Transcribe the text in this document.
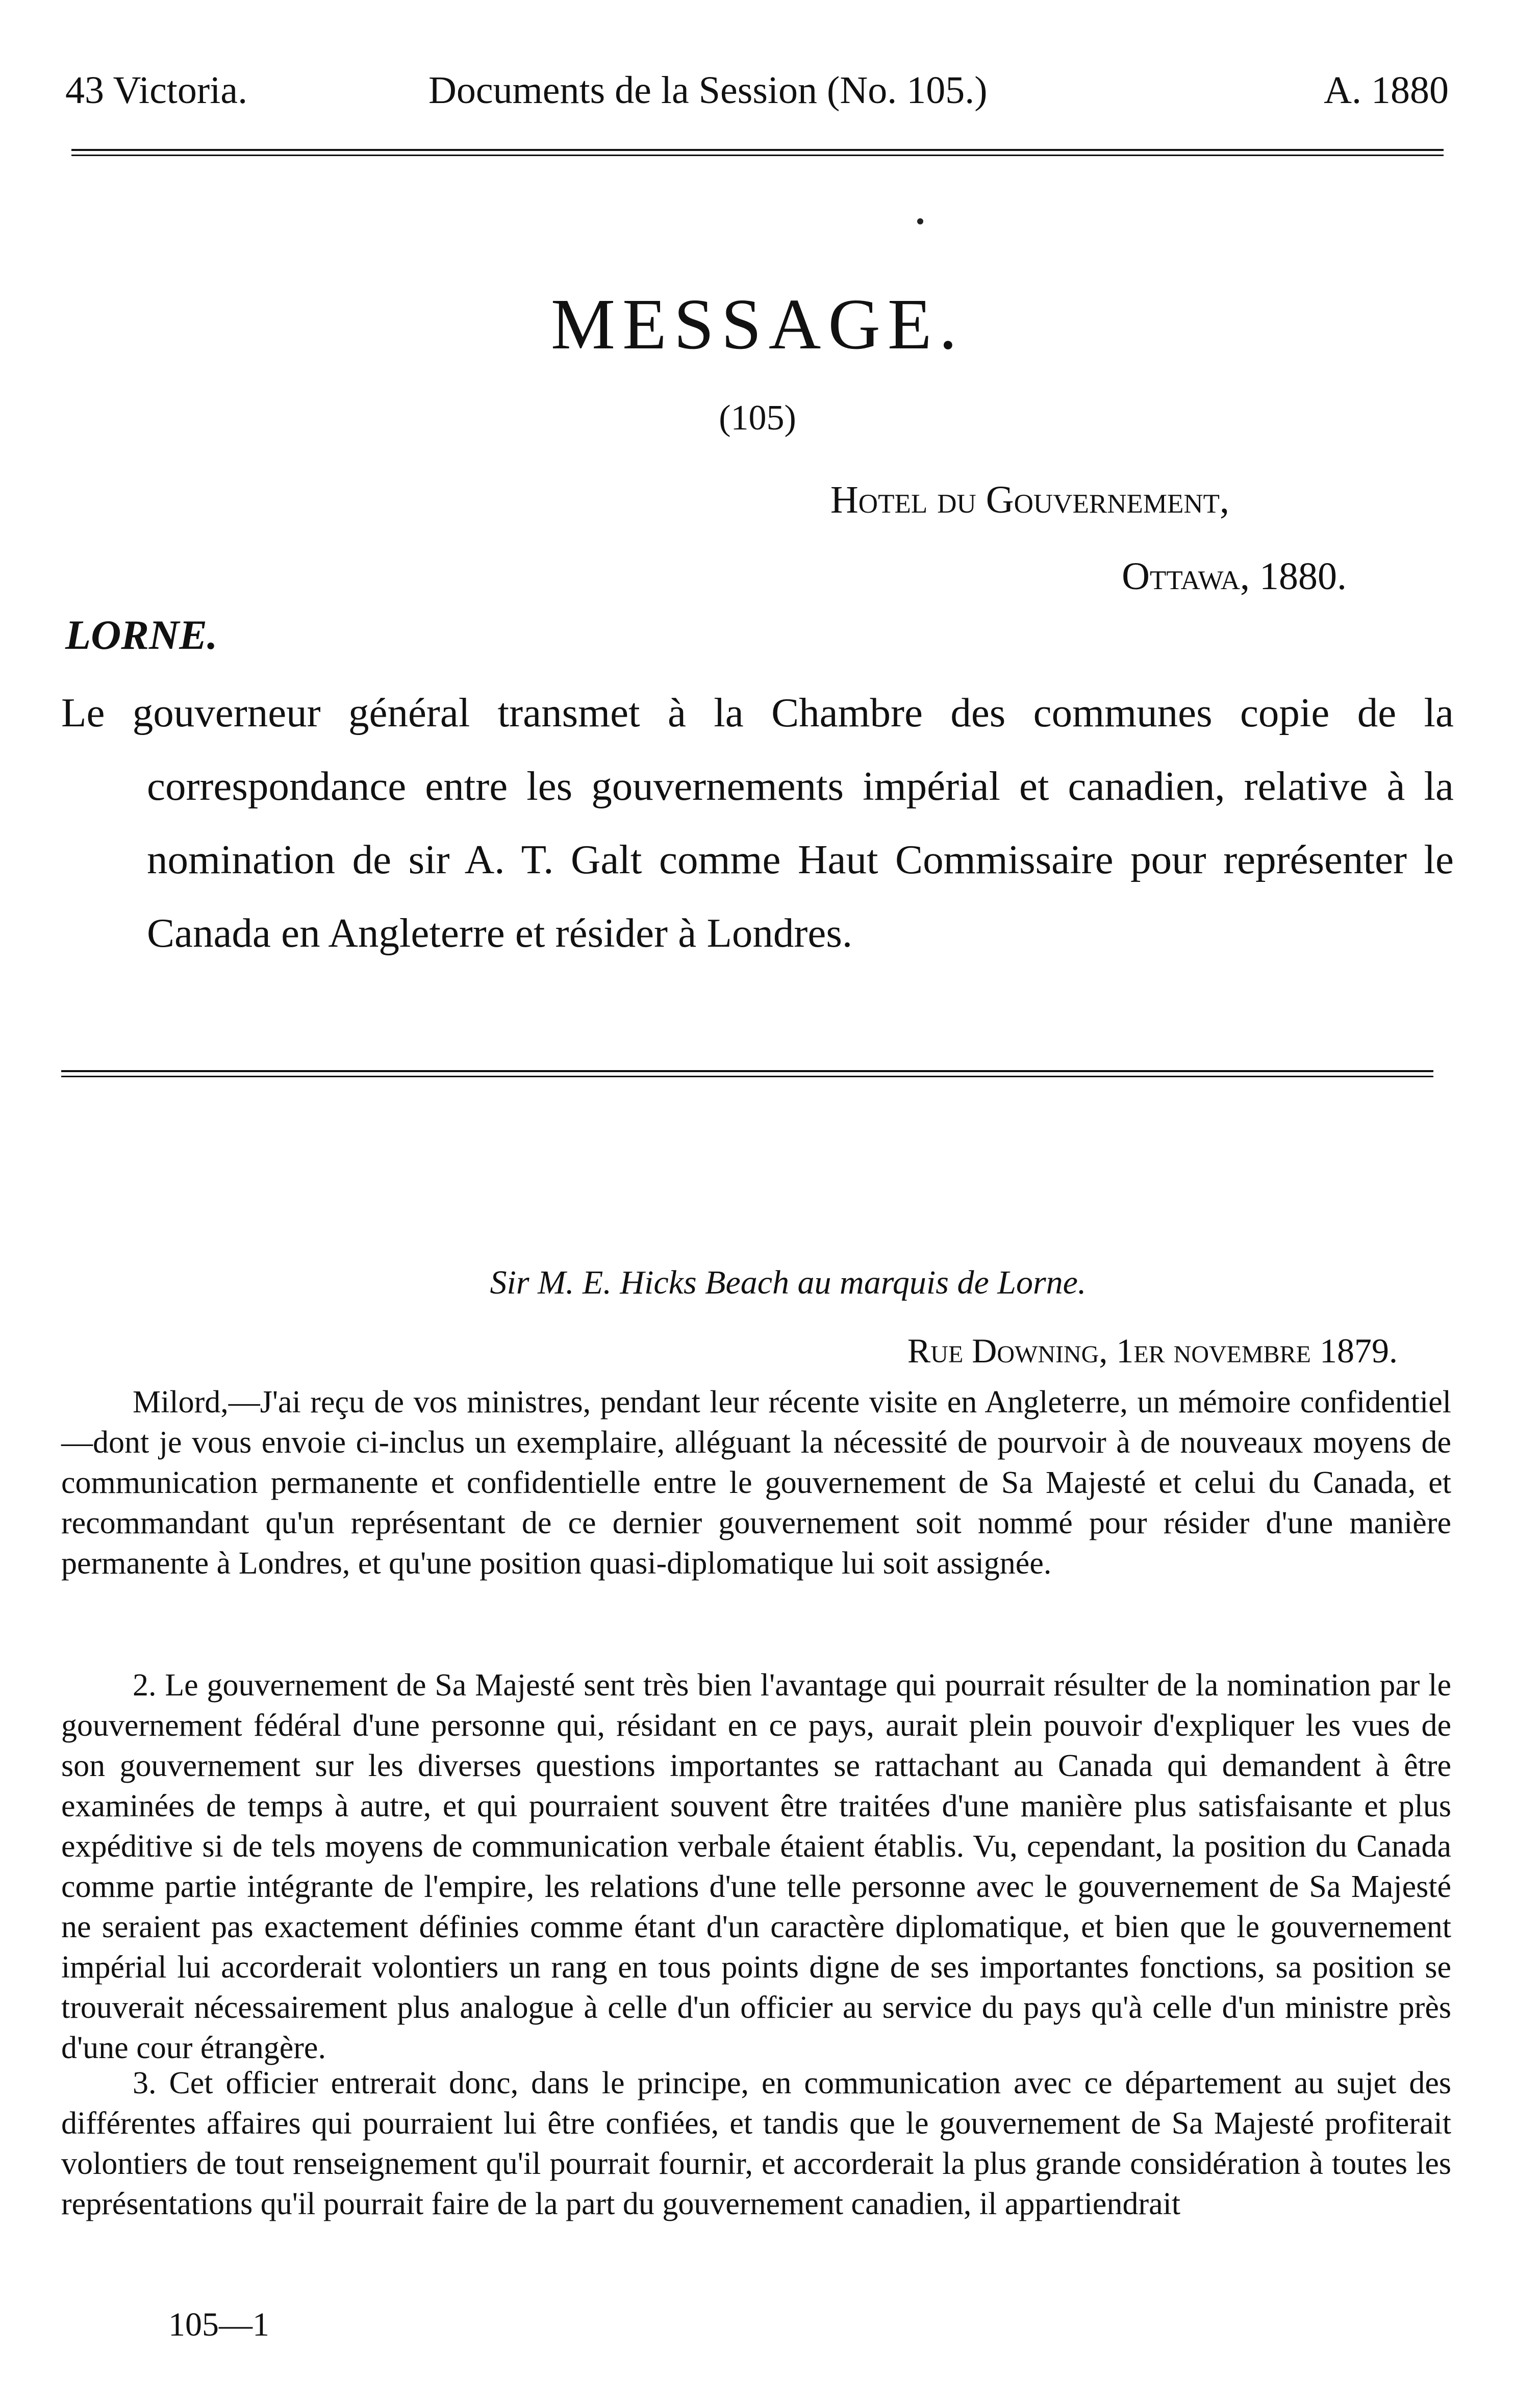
43 Victoria.	Documents de la Session (No. 105.)	A. 1880
MESSAGE.
(105)
Hotel du Gouvernement,
Ottawa, 1880.
LORNE.
Le gouverneur général transmet à la Chambre des communes copie de la correspondance entre les gouvernements impérial et canadien, relative à la nomination de sir A. T. Galt comme Haut Commissaire pour représenter le Canada en Angleterre et résider à Londres.
Sir M. E. Hicks Beach au marquis de Lorne.
Rue Downing, 1er novembre 1879.
Milord,—J'ai reçu de vos ministres, pendant leur récente visite en Angleterre, un mémoire confidentiel—dont je vous envoie ci-inclus un exemplaire, alléguant la nécessité de pourvoir à de nouveaux moyens de communication permanente et confidentielle entre le gouvernement de Sa Majesté et celui du Canada, et recommandant qu'un représentant de ce dernier gouvernement soit nommé pour résider d'une manière permanente à Londres, et qu'une position quasi-diplomatique lui soit assignée.
2. Le gouvernement de Sa Majesté sent très bien l'avantage qui pourrait résulter de la nomination par le gouvernement fédéral d'une personne qui, résidant en ce pays, aurait plein pouvoir d'expliquer les vues de son gouvernement sur les diverses questions importantes se rattachant au Canada qui demandent à être examinées de temps à autre, et qui pourraient souvent être traitées d'une manière plus satisfaisante et plus expéditive si de tels moyens de communication verbale étaient établis. Vu, cependant, la position du Canada comme partie intégrante de l'empire, les relations d'une telle personne avec le gouvernement de Sa Majesté ne seraient pas exactement définies comme étant d'un caractère diplomatique, et bien que le gouvernement impérial lui accorderait volontiers un rang en tous points digne de ses importantes fonctions, sa position se trouverait nécessairement plus analogue à celle d'un officier au service du pays qu'à celle d'un ministre près d'une cour étrangère.
3. Cet officier entrerait donc, dans le principe, en communication avec ce département au sujet des différentes affaires qui pourraient lui être confiées, et tandis que le gouvernement de Sa Majesté profiterait volontiers de tout renseignement qu'il pourrait fournir, et accorderait la plus grande considération à toutes les représentations qu'il pourrait faire de la part du gouvernement canadien, il appartiendrait
105—1
